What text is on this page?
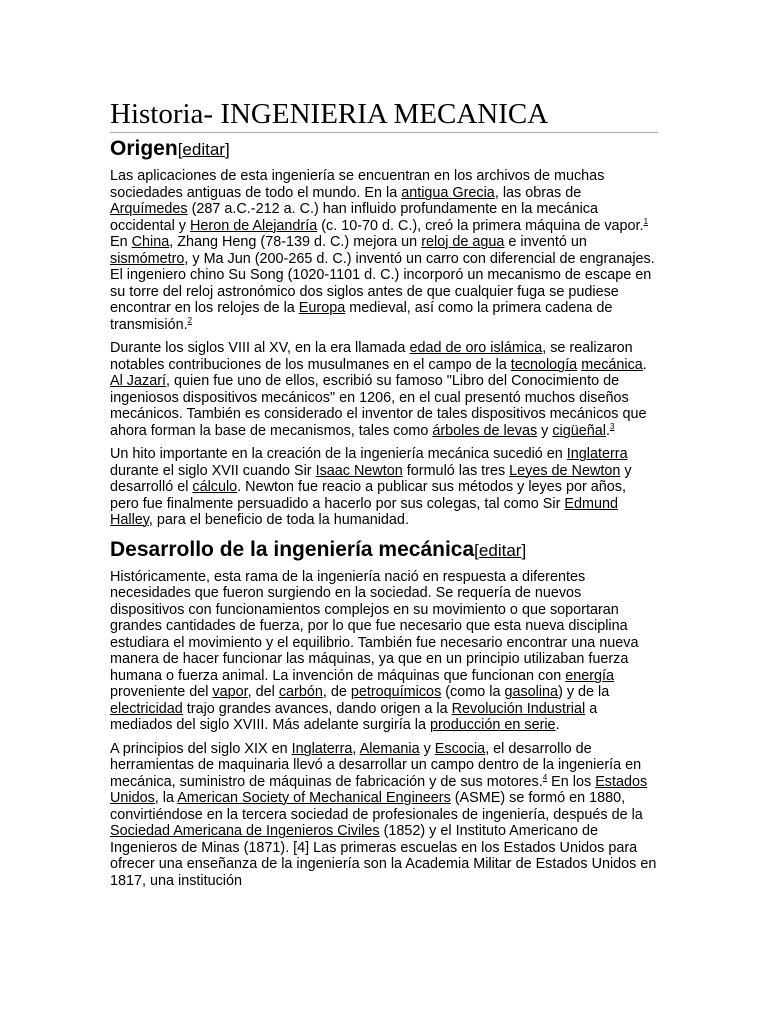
Historia- INGENIERIA MECANICA
Origen[editar]

Las aplicaciones de esta ingeniería se encuentran en los archivos de muchas sociedades antiguas de todo el mundo. En la antigua Grecia, las obras de Arquímedes (287 a.C.-212 a. C.) han influido profundamente en la mecánica occidental y Heron de Alejandría (c. 10-70 d. C.), creó la primera máquina de vapor.$^1$ En China, Zhang Heng (78-139 d. C.) mejora un reloj de agua e inventó un sismómetro, y Ma Jun (200-265 d. C.) inventó un carro con diferencial de engranajes. El ingeniero chino Su Song (1020-1101 d. C.) incorporó un mecanismo de escape en su torre del reloj astronómico dos siglos antes de que cualquier fuga se pudiese encontrar en los relojes de la Europa medieval, así como la primera cadena de transmisión.$^2$

Durante los siglos VIII al XV, en la era llamada edad de oro islámica, se realizaron notables contribuciones de los musulmanes en el campo de la tecnología mecánica. Al Jazarí, quien fue uno de ellos, escribió su famoso "Libro del Conocimiento de ingeniosos dispositivos mecánicos" en 1206, en el cual presentó muchos diseños mecánicos. También es considerado el inventor de tales dispositivos mecánicos que ahora forman la base de mecanismos, tales como árboles de levas y cigüeñal.$^3$

Un hito importante en la creación de la ingeniería mecánica sucedió en Inglaterra durante el siglo XVII cuando Sir Isaac Newton formuló las tres Leyes de Newton y desarrolló el cálculo. Newton fue reacio a publicar sus métodos y leyes por años, pero fue finalmente persuadido a hacerlo por sus colegas, tal como Sir Edmund Halley, para el beneficio de toda la humanidad.

Desarrollo de la ingeniería mecánica[editar]

Históricamente, esta rama de la ingeniería nació en respuesta a diferentes necesidades que fueron surgiendo en la sociedad. Se requería de nuevos dispositivos con funcionamientos complejos en su movimiento o que soportaran grandes cantidades de fuerza, por lo que fue necesario que esta nueva disciplina estudiara el movimiento y el equilibrio. También fue necesario encontrar una nueva manera de hacer funcionar las máquinas, ya que en un principio utilizaban fuerza humana o fuerza animal. La invención de máquinas que funcionan con energía proveniente del vapor, del carbón, de petroquímicos (como la gasolina) y de la electricidad trajo grandes avances, dando origen a la Revolución Industrial a mediados del siglo XVIII. Más adelante surgiría la producción en serie.

A principios del siglo XIX en Inglaterra, Alemania y Escocia, el desarrollo de herramientas de maquinaria llevó a desarrollar un campo dentro de la ingeniería en mecánica, suministro de máquinas de fabricación y de sus motores.$^4$ En los Estados Unidos, la American Society of Mechanical Engineers (ASME) se formó en 1880, convirtiéndose en la tercera sociedad de profesionales de ingeniería, después de la Sociedad Americana de Ingenieros Civiles (1852) y el Instituto Americano de Ingenieros de Minas (1871). [4] Las primeras escuelas en los Estados Unidos para ofrecer una enseñanza de la ingeniería son la Academia Militar de Estados Unidos en 1817, una institución
